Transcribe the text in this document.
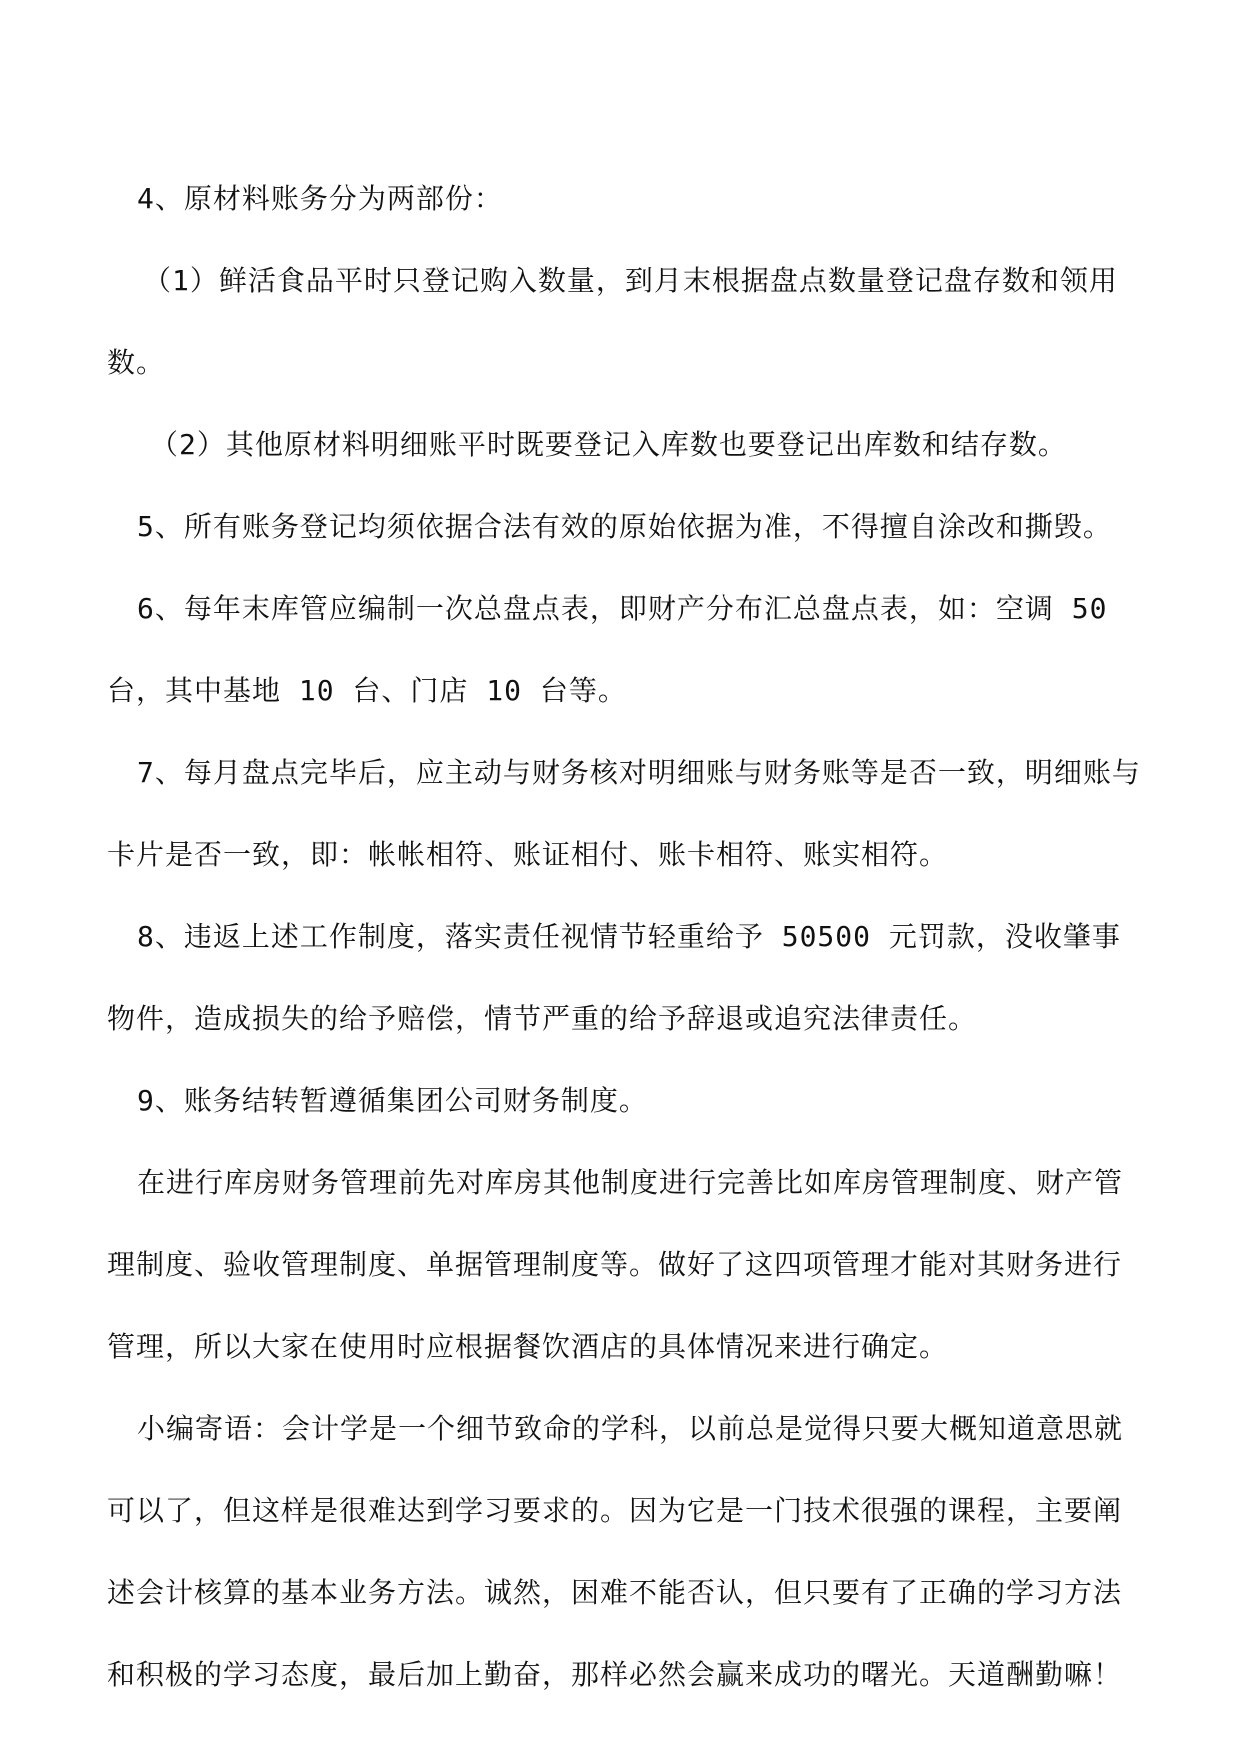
4、原材料账务分为两部份：

（1）鲜活食品平时只登记购入数量，到月末根据盘点数量登记盘存数和领用数。

（2）其他原材料明细账平时既要登记入库数也要登记出库数和结存数。

5、所有账务登记均须依据合法有效的原始依据为准，不得擅自涂改和撕毁。

6、每年末库管应编制一次总盘点表，即财产分布汇总盘点表，如：空调 50 台，其中基地 10 台、门店 10 台等。

7、每月盘点完毕后，应主动与财务核对明细账与财务账等是否一致，明细账与卡片是否一致，即：帐帐相符、账证相付、账卡相符、账实相符。

8、违返上述工作制度，落实责任视情节轻重给予 50500 元罚款，没收肇事物件，造成损失的给予赔偿，情节严重的给予辞退或追究法律责任。

9、账务结转暂遵循集团公司财务制度。

在进行库房财务管理前先对库房其他制度进行完善比如库房管理制度、财产管理制度、验收管理制度、单据管理制度等。做好了这四项管理才能对其财务进行管理，所以大家在使用时应根据餐饮酒店的具体情况来进行确定。

小编寄语：会计学是一个细节致命的学科，以前总是觉得只要大概知道意思就可以了，但这样是很难达到学习要求的。因为它是一门技术很强的课程，主要阐述会计核算的基本业务方法。诚然，困难不能否认，但只要有了正确的学习方法和积极的学习态度，最后加上勤奋，那样必然会赢来成功的曙光。天道酬勤嘛！
